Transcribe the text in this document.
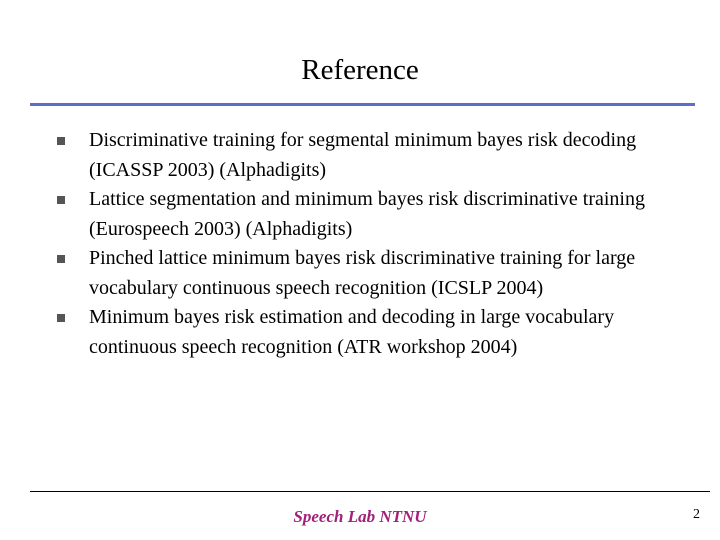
Reference
Discriminative training for segmental minimum bayes risk decoding (ICASSP 2003) (Alphadigits)
Lattice segmentation and minimum bayes risk discriminative training (Eurospeech 2003) (Alphadigits)
Pinched lattice minimum bayes risk discriminative training for large vocabulary continuous speech recognition (ICSLP 2004)
Minimum bayes risk estimation and decoding in large vocabulary continuous speech recognition (ATR workshop 2004)
Speech Lab NTNU	2
